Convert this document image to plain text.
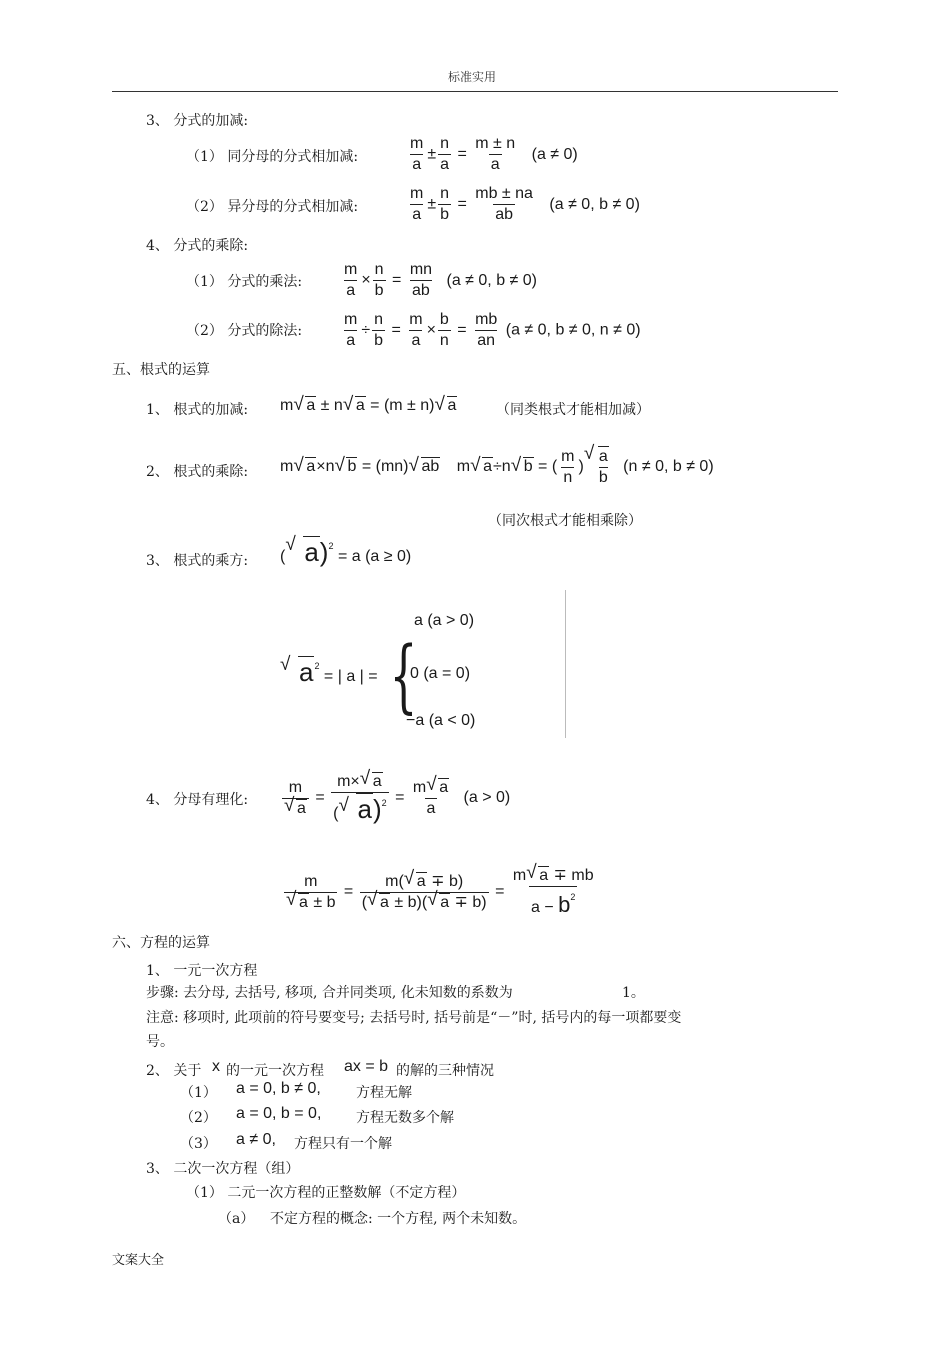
标准实用
3、 分式的加减:
（1） 同分母的分式相加减:	$\frac{m}{a} \pm \frac{n}{a} = \frac{m \pm n}{a} (a \ne 0)$
（2） 异分母的分式相加减:	$\frac{m}{a} \pm \frac{n}{b} = \frac{mb \pm na}{ab} (a \ne 0$, b ≠ 0)
4、 分式的乘除:
（1） 分式的乘法: $\frac{m}{a} \times \frac{n}{b} = \frac{mn}{ab} (a \ne 0$, b ≠ 0)
（2） 分式的除法: $\frac{m}{a} \div \frac{n}{b} = \frac{m}{a} \times \frac{b}{n} = \frac{mb}{an} (a \ne 0$, b ≠ 0, n ≠ 0)
五、根式的运算
1、 根式的加减: m √ a ± n √ a = (m ± n) √ a	（同类根式才能相加减）
2、 根式的乘除: m √ a×n √ b = (mn) √ ab m √ a÷n √ b = ( $\frac{m}{n}$ ) √ $\frac{a}{b} (n \ne 0$, b ≠ 0)
（同次根式才能相乘除）
3、 根式的乘方: ( √ a)$^2$ = a (a ≥ 0)
√ $a^2$ = | a | = {
a (a > 0)
0 (a = 0)
−a (a < 0)
4、 分母有理化: m
√ $a = \frac{m\times √ a}{( √ a)^2} = \frac{m √ a}{a} (a > 0)$
m
√ $a \pm b = \frac{m( √ a \mp b)}{( √ a \pm b)( √ a \mp b)} = \frac{m √ a \mp mb}{a - b^2}$
六、方程的运算
1、 一元一次方程
步骤: 去分母, 去括号, 移项, 合并同类项, 化未知数的系数为	1。
注意: 移项时, 此项前的符号要变号; 去括号时, 括号前是“－”时, 括号内的每一项都要变
号。
2、 关于 x 的一元一次方程 ax = b 的解的三种情况
（1） a = 0, b ≠ 0,	方程无解
（2） a = 0, b = 0, 方程无数多个解
（3） a ≠ 0, 方程只有一个解
3、 二次一次方程（组）
（1） 二元一次方程的正整数解（不定方程）
（a） 不定方程的概念: 一个方程, 两个未知数。
文案大全
